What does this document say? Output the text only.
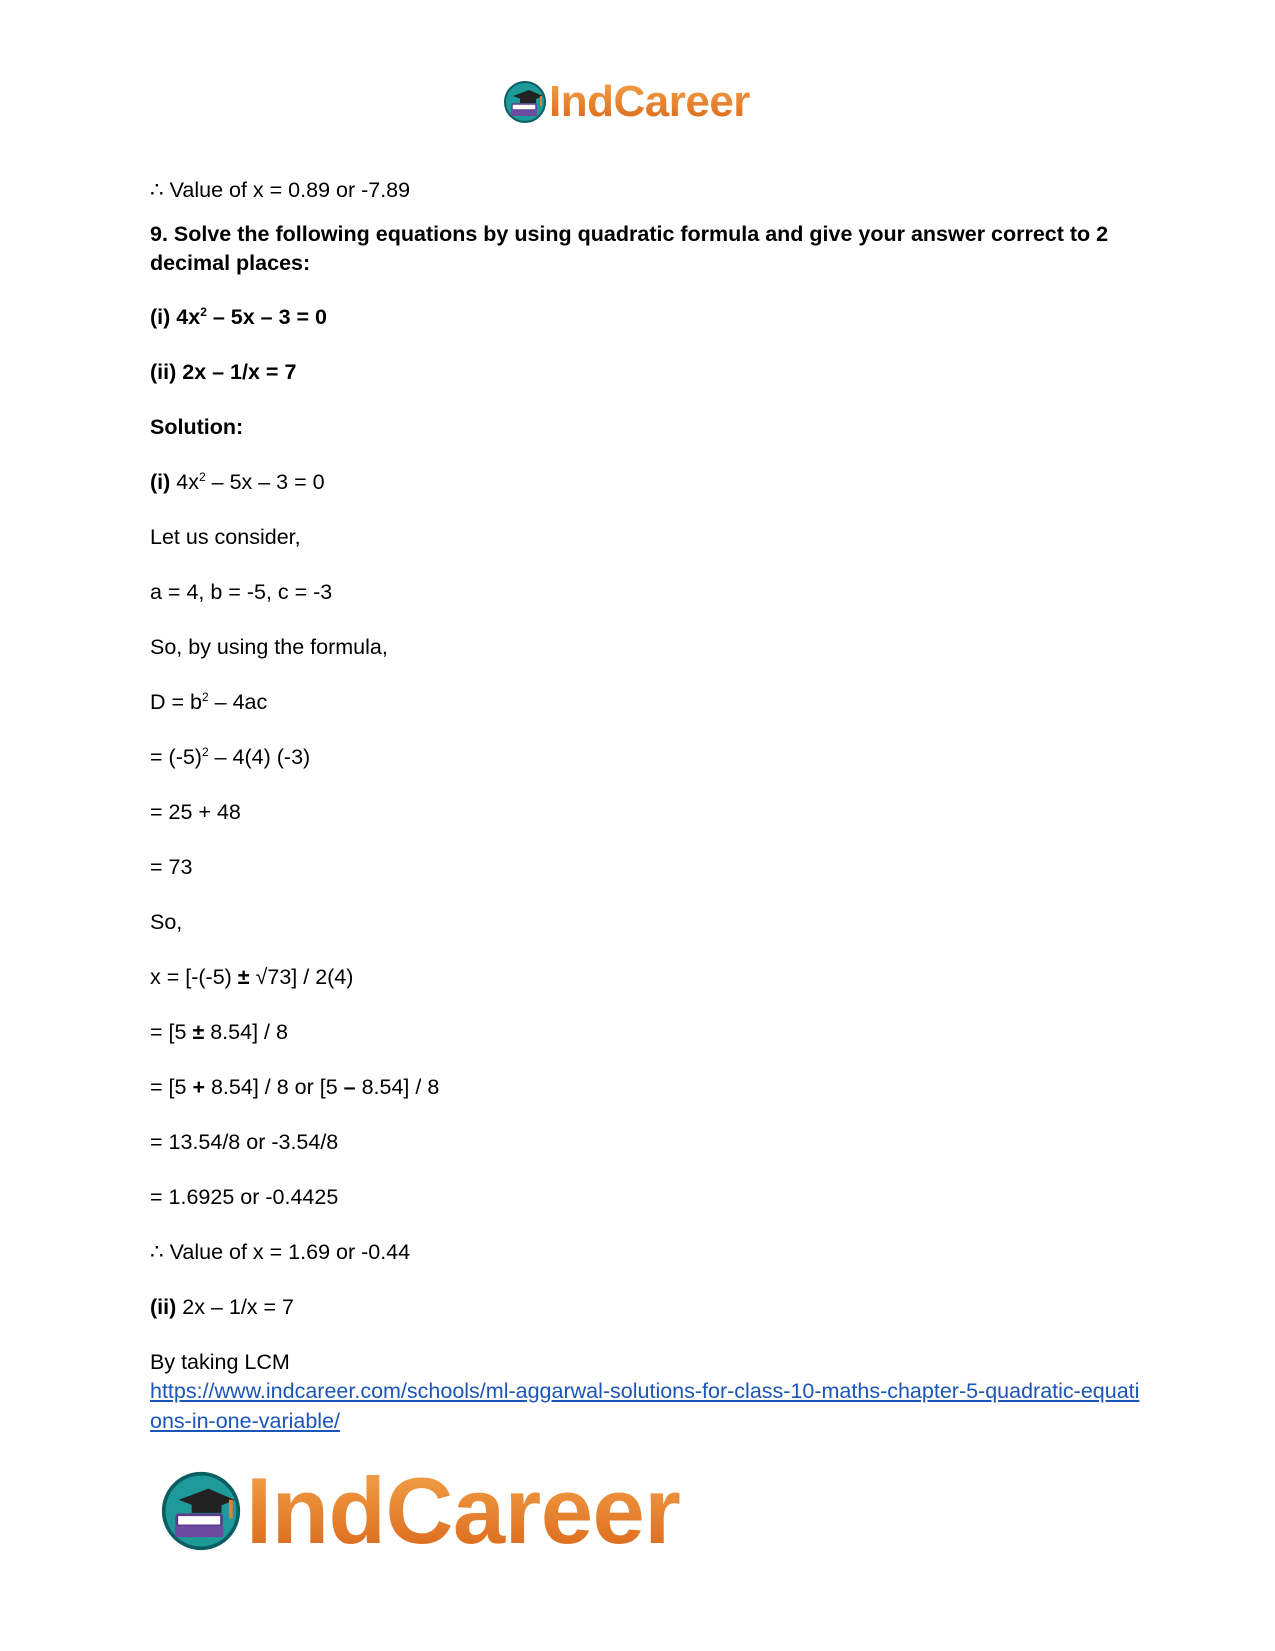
IndCareer
∴ Value of x = 0.89 or -7.89
9. Solve the following equations by using quadratic formula and give your answer correct to 2 decimal places:
(i) $4x^2 - 5x - 3 = 0$
(ii) 2x – 1/x = 7
Solution:
(i) $4x^2 - 5x - 3 = 0$
Let us consider,
a = 4, b = -5, c = -3
So, by using the formula,
$D = b^2 - 4ac$
= $(-5)^2 - 4(4)$ (-3)
= 25 + 48
= 73
So,
x = [-(-5) ± √73] / 2(4)
= [5 ± 8.54] / 8
= [5 + 8.54] / 8 or [5 – 8.54] / 8
= 13.54/8 or -3.54/8
= 1.6925 or -0.4425
∴ Value of x = 1.69 or -0.44
(ii) 2x – 1/x = 7
By taking LCM
https://www.indcareer.com/schools/ml-aggarwal-solutions-for-class-10-maths-chapter-5-quadratic-equations-in-one-variable/
IndCareer
